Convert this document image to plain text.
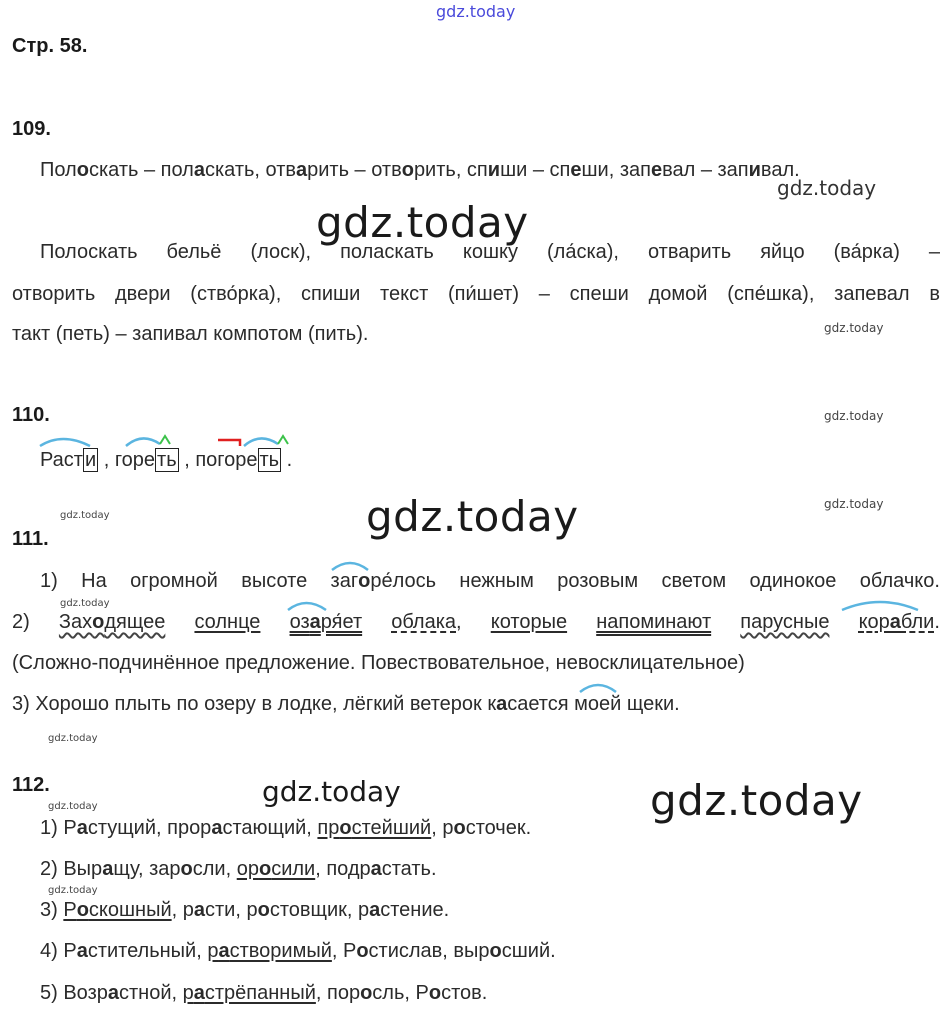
gdz.today
gdz.today
gdz.today
gdz.today
gdz.today
gdz.today
gdz.today
gdz.today
gdz.today
gdz.today
gdz.today
gdz.today
gdz.today
gdz.today
Стр. 58.
109.
Полоскать – поласкать, отварить – отворить, спиши – спеши, запевал – запивал.
Полоскать бельё (лоск), поласкать кошку (ла́ска), отварить яйцо (ва́рка) –
отворить двери (ство́рка), спиши текст (пи́шет) – спеши домой (спе́шка), запевал в
такт (петь) – запивал компотом (пить).
110.
Раст и , горе ть , погоре ть .
111.
1) На огромной высоте загоре́лось нежным розовым светом одинокое облачко.
2) Заходящее солнце озаря́ет облака, которые напоминают парусные корабли.
(Сложно-подчинённое предложение. Повествовательное, невосклицательное)
3) Хорошо плыть по озеру в лодке, лёгкий ветерок касается моей щеки.
112.
1) Растущий, прорастающий, простейший, росточек.
2) Выращу, заросли, оросили, подрастать.
3) Роскошный, расти, ростовщик, растение.
4) Растительный, растворимый, Ростислав, выросший.
5) Возрастной, растрёпанный, поросль, Ростов.
